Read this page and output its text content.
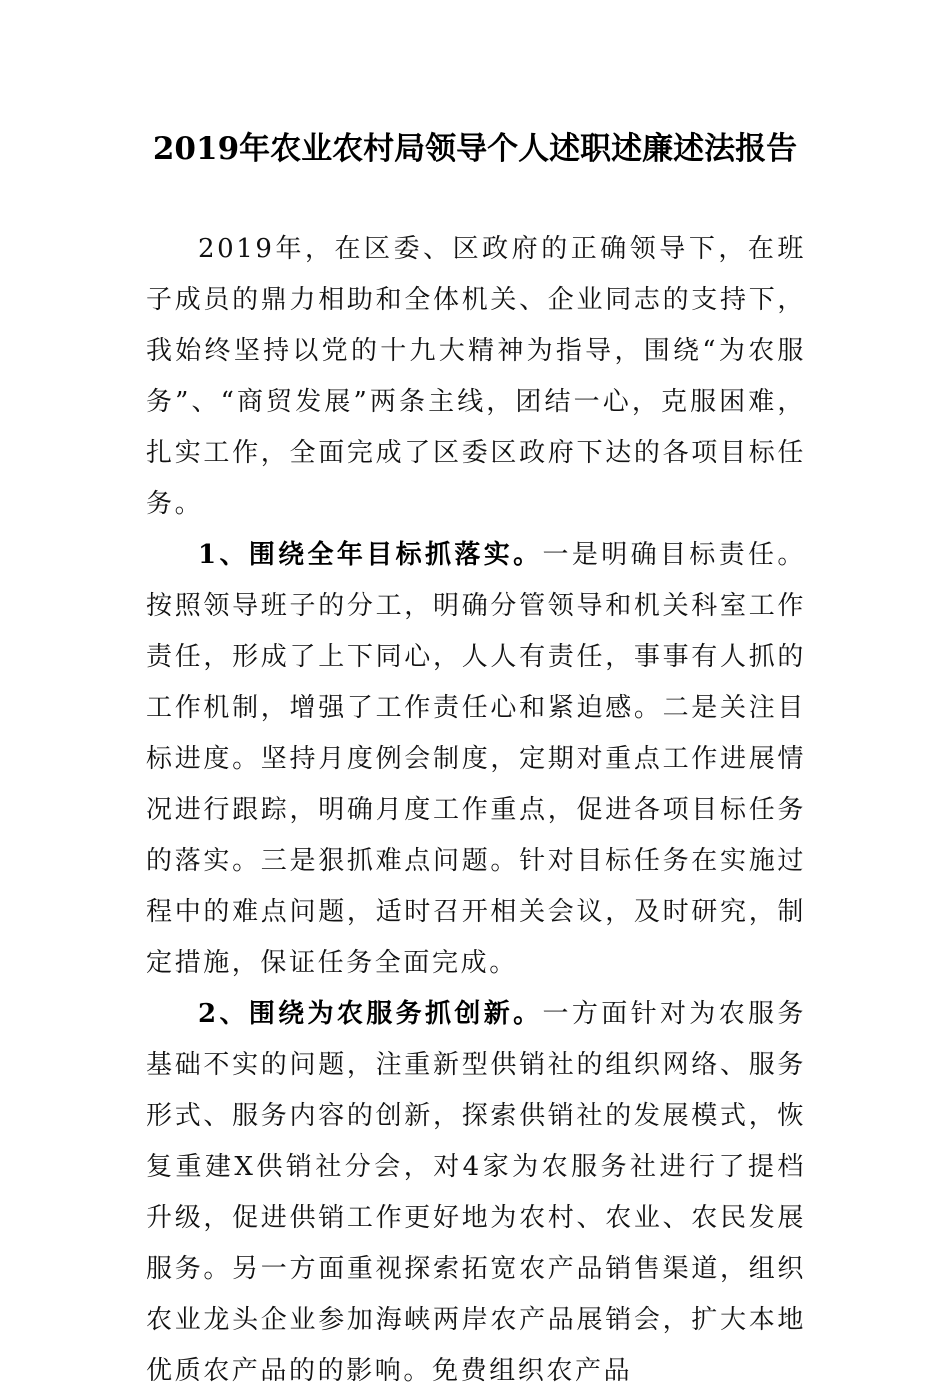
2019年农业农村局领导个人述职述廉述法报告

2019年，在区委、区政府的正确领导下，在班子成员的鼎力相助和全体机关、企业同志的支持下，我始终坚持以党的十九大精神为指导，围绕“为农服务”、“商贸发展”两条主线，团结一心，克服困难，扎实工作，全面完成了区委区政府下达的各项目标任务。

1、围绕全年目标抓落实。一是明确目标责任。按照领导班子的分工，明确分管领导和机关科室工作责任，形成了上下同心，人人有责任，事事有人抓的工作机制，增强了工作责任心和紧迫感。二是关注目标进度。坚持月度例会制度，定期对重点工作进展情况进行跟踪，明确月度工作重点，促进各项目标任务的落实。三是狠抓难点问题。针对目标任务在实施过程中的难点问题，适时召开相关会议，及时研究，制定措施，保证任务全面完成。

2、围绕为农服务抓创新。一方面针对为农服务基础不实的问题，注重新型供销社的组织网络、服务形式、服务内容的创新，探索供销社的发展模式，恢复重建X供销社分会，对4家为农服务社进行了提档升级，促进供销工作更好地为农村、农业、农民发展服务。另一方面重视探索拓宽农产品销售渠道，组织农业龙头企业参加海峡两岸农产品展销会，扩大本地优质农产品的的影响。免费组织农产品
